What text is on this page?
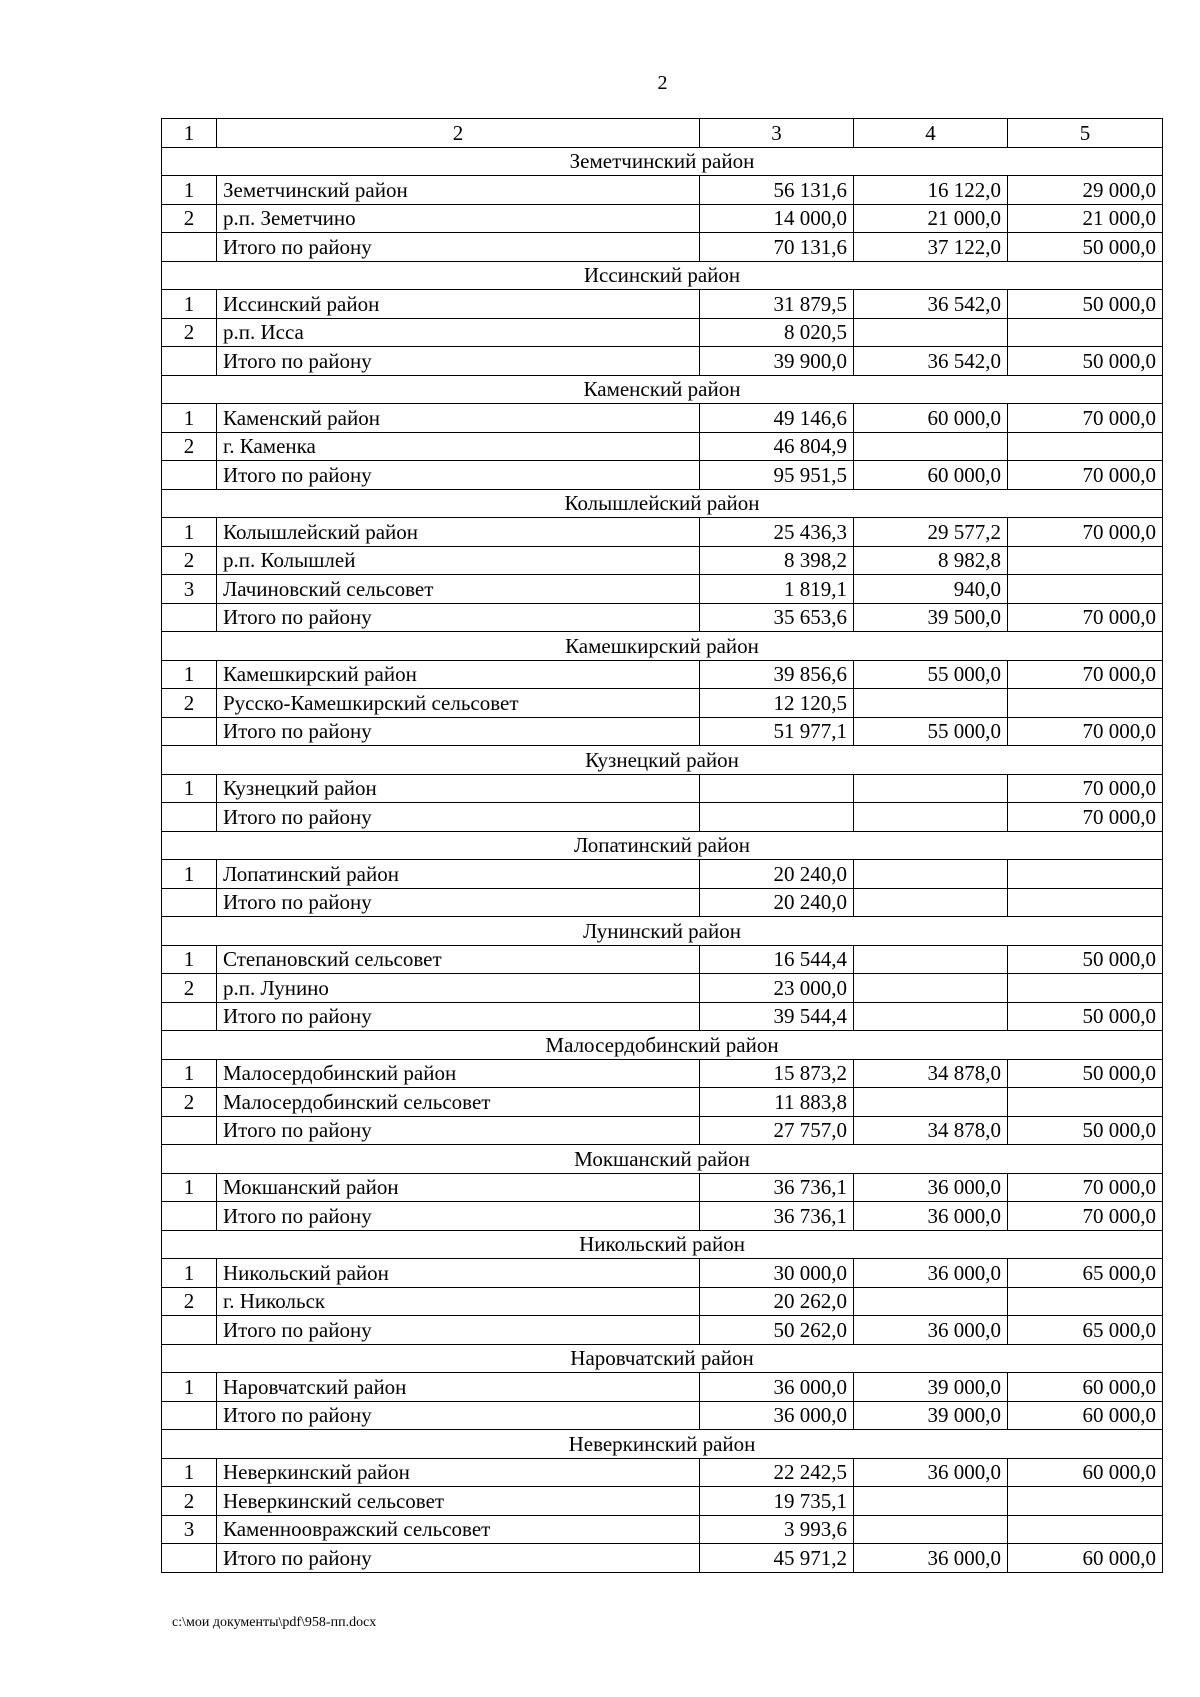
2
1	2	3	4	5
Земетчинский район				
1	Земетчинский район	56 131,6	16 122,0	29 000,0
2	р.п. Земетчино	14 000,0	21 000,0	21 000,0
	Итого по району	70 131,6	37 122,0	50 000,0
Иссинский район				
1	Иссинский район	31 879,5	36 542,0	50 000,0
2	р.п. Исса	8 020,5		
	Итого по району	39 900,0	36 542,0	50 000,0
Каменский район				
1	Каменский район	49 146,6	60 000,0	70 000,0
2	г. Каменка	46 804,9		
	Итого по району	95 951,5	60 000,0	70 000,0
Колышлейский район				
1	Колышлейский район	25 436,3	29 577,2	70 000,0
2	р.п. Колышлей	8 398,2	8 982,8	
3	Лачиновский сельсовет	1 819,1	940,0	
	Итого по району	35 653,6	39 500,0	70 000,0
Камешкирский район				
1	Камешкирский район	39 856,6	55 000,0	70 000,0
2	Русско-Камешкирский сельсовет	12 120,5		
	Итого по району	51 977,1	55 000,0	70 000,0
Кузнецкий район				
1	Кузнецкий район			70 000,0
	Итого по району			70 000,0
Лопатинский район				
1	Лопатинский район	20 240,0		
	Итого по району	20 240,0		
Лунинский район				
1	Степановский сельсовет	16 544,4		50 000,0
2	р.п. Лунино	23 000,0		
	Итого по району	39 544,4		50 000,0
Малосердобинский район				
1	Малосердобинский район	15 873,2	34 878,0	50 000,0
2	Малосердобинский сельсовет	11 883,8		
	Итого по району	27 757,0	34 878,0	50 000,0
Мокшанский район				
1	Мокшанский район	36 736,1	36 000,0	70 000,0
	Итого по району	36 736,1	36 000,0	70 000,0
Никольский район				
1	Никольский район	30 000,0	36 000,0	65 000,0
2	г. Никольск	20 262,0		
	Итого по району	50 262,0	36 000,0	65 000,0
Наровчатский район				
1	Наровчатский район	36 000,0	39 000,0	60 000,0
	Итого по району	36 000,0	39 000,0	60 000,0
Неверкинский район				
1	Неверкинский район	22 242,5	36 000,0	60 000,0
2	Неверкинский сельсовет	19 735,1		
3	Каменноовражский сельсовет	3 993,6		
	Итого по району	45 971,2	36 000,0	60 000,0
c:\мои документы\pdf\958-пп.docx
